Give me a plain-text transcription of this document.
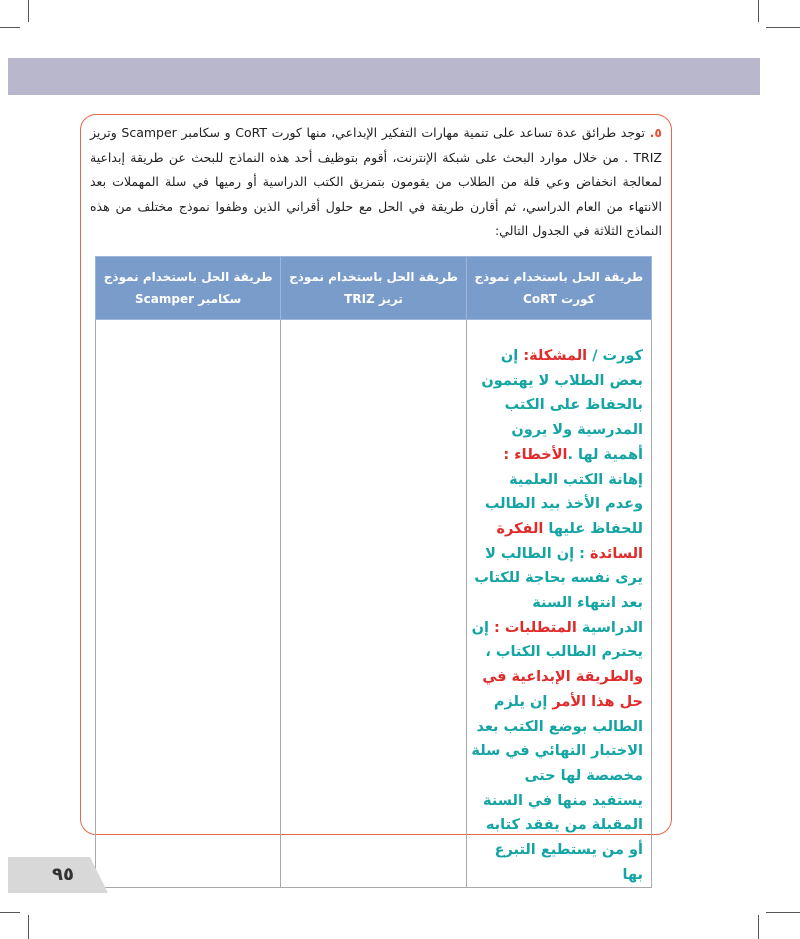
٥. توجد طرائق عدة تساعد على تنمية مهارات التفكير الإبداعي، منها كورت CoRT و سكامبر Scamper وتريز TRIZ . من خلال موارد البحث على شبكة الإنترنت، أقوم بتوظيف أحد هذه النماذج للبحث عن طريقة إبداعية لمعالجة انخفاض وعي قلة من الطلاب من يقومون بتمزيق الكتب الدراسية أو رميها في سلة المهملات بعد الانتهاء من العام الدراسي، ثم أقارن طريقة في الحل مع حلول أقراني الذين وظفوا نموذج مختلف من هذه النماذج الثلاثة في الجدول التالي:
طريقة الحل باستخدام نموذج كورت CoRT	طريقة الحل باستخدام نموذج تريز TRIZ	طريقة الحل باستخدام نموذج سكامبر Scamper

كورت / المشكلة: إن بعض الطلاب لا يهتمون بالحفاظ على الكتب المدرسية ولا يرون أهمية لها .الأخطاء : إهانة الكتب العلمية وعدم الأخذ بيد الطالب للحفاظ عليها الفكرة السائدة : إن الطالب لا يرى نفسه بحاجة للكتاب بعد انتهاء السنة الدراسية المتطلبات : إن يحترم الطالب الكتاب ، والطريقة الإبداعية في حل هذا الأمر إن يلزم الطالب بوضع الكتب بعد الاختبار النهائي في سلة مخصصة لها حتى يستفيد منها في السنة المقبلة من يفقد كتابه أو من يستطيع التبرع بها		

٩٥
